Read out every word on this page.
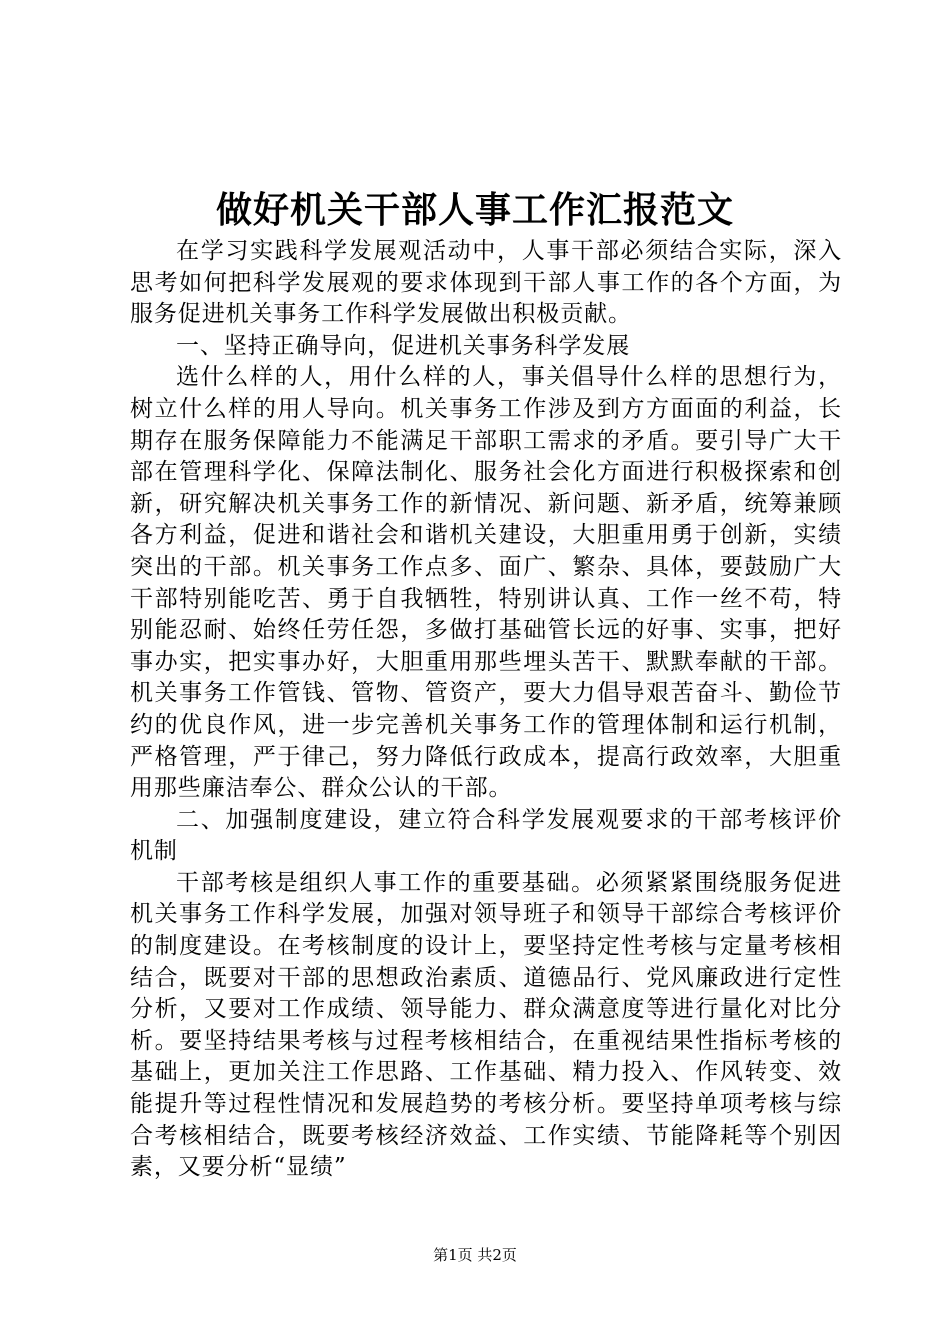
做好机关干部人事工作汇报范文

在学习实践科学发展观活动中，人事干部必须结合实际，深入思考如何把科学发展观的要求体现到干部人事工作的各个方面，为服务促进机关事务工作科学发展做出积极贡献。

一、坚持正确导向，促进机关事务科学发展

选什么样的人，用什么样的人，事关倡导什么样的思想行为，树立什么样的用人导向。机关事务工作涉及到方方面面的利益，长期存在服务保障能力不能满足干部职工需求的矛盾。要引导广大干部在管理科学化、保障法制化、服务社会化方面进行积极探索和创新，研究解决机关事务工作的新情况、新问题、新矛盾，统筹兼顾各方利益，促进和谐社会和谐机关建设，大胆重用勇于创新，实绩突出的干部。机关事务工作点多、面广、繁杂、具体，要鼓励广大干部特别能吃苦、勇于自我牺牲，特别讲认真、工作一丝不苟，特别能忍耐、始终任劳任怨，多做打基础管长远的好事、实事，把好事办实，把实事办好，大胆重用那些埋头苦干、默默奉献的干部。机关事务工作管钱、管物、管资产，要大力倡导艰苦奋斗、勤俭节约的优良作风，进一步完善机关事务工作的管理体制和运行机制，严格管理，严于律己，努力降低行政成本，提高行政效率，大胆重用那些廉洁奉公、群众公认的干部。

二、加强制度建设，建立符合科学发展观要求的干部考核评价机制

干部考核是组织人事工作的重要基础。必须紧紧围绕服务促进机关事务工作科学发展，加强对领导班子和领导干部综合考核评价的制度建设。在考核制度的设计上，要坚持定性考核与定量考核相结合，既要对干部的思想政治素质、道德品行、党风廉政进行定性分析，又要对工作成绩、领导能力、群众满意度等进行量化对比分析。要坚持结果考核与过程考核相结合，在重视结果性指标考核的基础上，更加关注工作思路、工作基础、精力投入、作风转变、效能提升等过程性情况和发展趋势的考核分析。要坚持单项考核与综合考核相结合，既要考核经济效益、工作实绩、节能降耗等个别因素，又要分析“显绩”

第1页 共2页
